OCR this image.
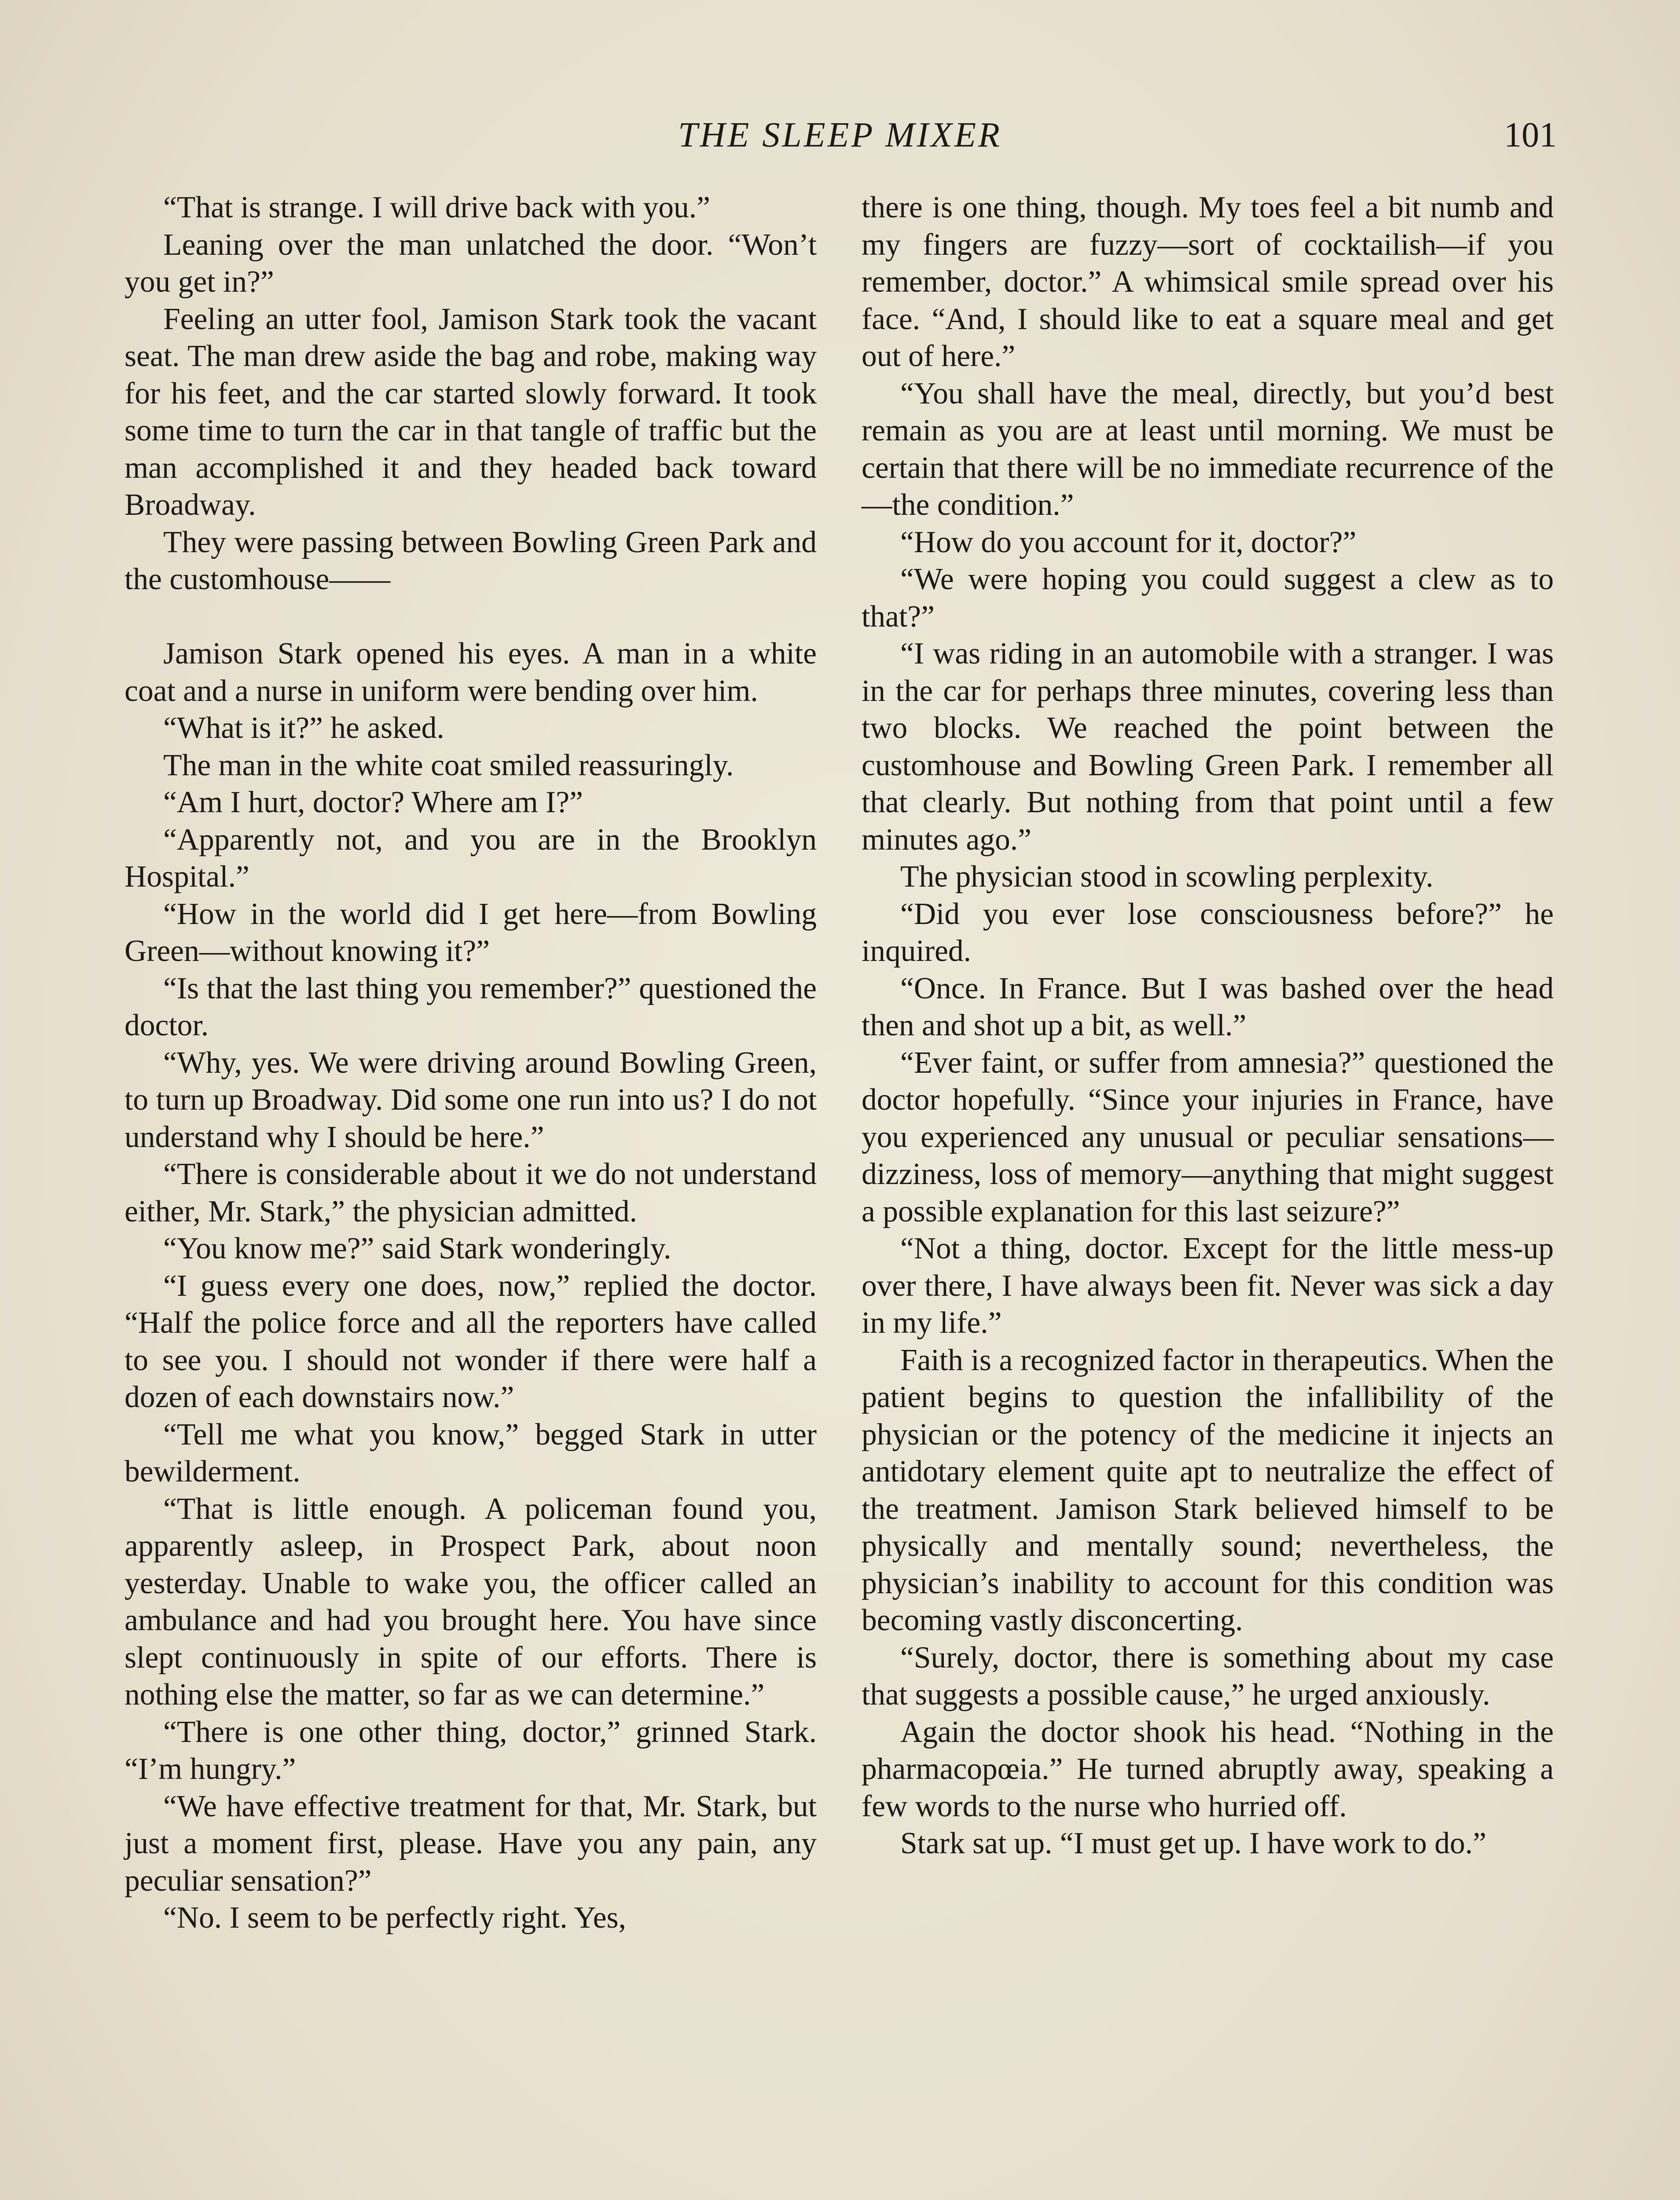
THE SLEEP MIXER	101

“That is strange. I will drive back with you.”

Leaning over the man unlatched the door. “Won’t you get in?”

Feeling an utter fool, Jamison Stark took the vacant seat. The man drew aside the bag and robe, making way for his feet, and the car started slowly forward. It took some time to turn the car in that tangle of traffic but the man accomplished it and they headed back toward Broadway.

They were passing between Bowling Green Park and the customhouse——

Jamison Stark opened his eyes. A man in a white coat and a nurse in uniform were bending over him.

“What is it?” he asked.

The man in the white coat smiled reassuringly.

“Am I hurt, doctor? Where am I?”

“Apparently not, and you are in the Brooklyn Hospital.”

“How in the world did I get here—from Bowling Green—without knowing it?”

“Is that the last thing you remember?” questioned the doctor.

“Why, yes. We were driving around Bowling Green, to turn up Broadway. Did some one run into us? I do not understand why I should be here.”

“There is considerable about it we do not understand either, Mr. Stark,” the physician admitted.

“You know me?” said Stark wonderingly.

“I guess every one does, now,” replied the doctor. “Half the police force and all the reporters have called to see you. I should not wonder if there were half a dozen of each downstairs now.”

“Tell me what you know,” begged Stark in utter bewilderment.

“That is little enough. A policeman found you, apparently asleep, in Prospect Park, about noon yesterday. Unable to wake you, the officer called an ambulance and had you brought here. You have since slept continuously in spite of our efforts. There is nothing else the matter, so far as we can determine.”

“There is one other thing, doctor,” grinned Stark. “I’m hungry.”

“We have effective treatment for that, Mr. Stark, but just a moment first, please. Have you any pain, any peculiar sensation?”

“No. I seem to be perfectly right. Yes,

there is one thing, though. My toes feel a bit numb and my fingers are fuzzy—sort of cocktailish—if you remember, doctor.” A whimsical smile spread over his face. “And, I should like to eat a square meal and get out of here.”

“You shall have the meal, directly, but you’d best remain as you are at least until morning. We must be certain that there will be no immediate recurrence of the—the condition.”

“How do you account for it, doctor?”

“We were hoping you could suggest a clew as to that?”

“I was riding in an automobile with a stranger. I was in the car for perhaps three minutes, covering less than two blocks. We reached the point between the customhouse and Bowling Green Park. I remember all that clearly. But nothing from that point until a few minutes ago.”

The physician stood in scowling perplexity.

“Did you ever lose consciousness before?” he inquired.

“Once. In France. But I was bashed over the head then and shot up a bit, as well.”

“Ever faint, or suffer from amnesia?” questioned the doctor hopefully. “Since your injuries in France, have you experienced any unusual or peculiar sensations—dizziness, loss of memory—anything that might suggest a possible explanation for this last seizure?”

“Not a thing, doctor. Except for the little mess-up over there, I have always been fit. Never was sick a day in my life.”

Faith is a recognized factor in therapeutics. When the patient begins to question the infallibility of the physician or the potency of the medicine it injects an antidotary element quite apt to neutralize the effect of the treatment. Jamison Stark believed himself to be physically and mentally sound; nevertheless, the physician’s inability to account for this condition was becoming vastly disconcerting.

“Surely, doctor, there is something about my case that suggests a possible cause,” he urged anxiously.

Again the doctor shook his head. “Nothing in the pharmacopœia.” He turned abruptly away, speaking a few words to the nurse who hurried off.

Stark sat up. “I must get up. I have work to do.”
